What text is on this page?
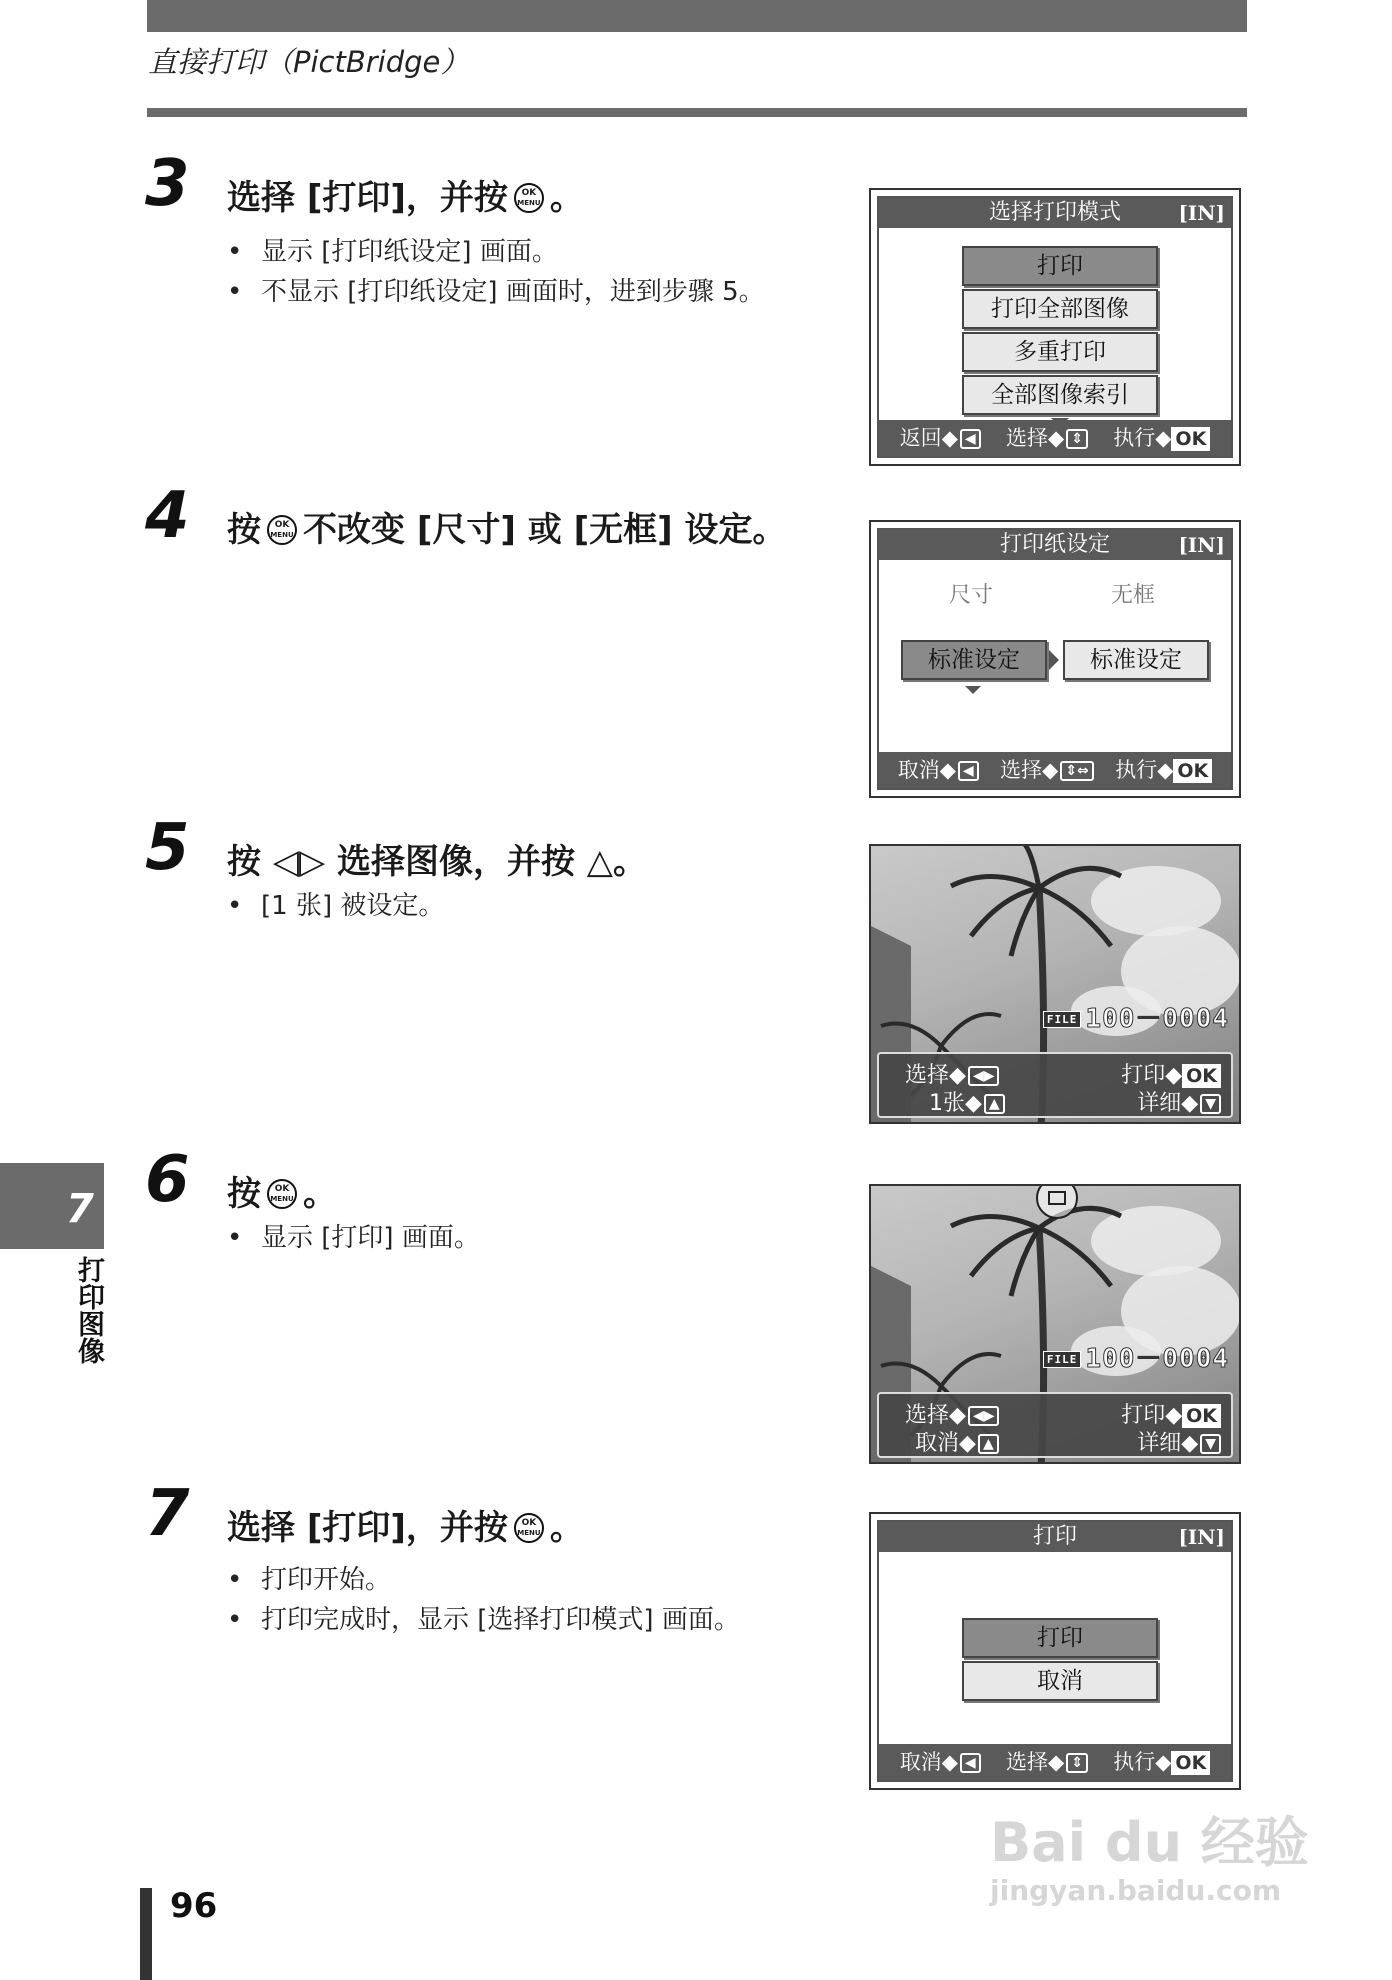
直接打印（PictBridge）
3 选择 [打印]，并按 OK MENU 。
• 显示 [打印纸设定] 画面。
• 不显示 [打印纸设定] 画面时，进到步骤 5。
选择打印模式	[IN]
打印
打印全部图像
多重打印
全部图像索引
返回◆ ◀ 选择◆ ⇕ 执行◆ OK
4 按 OK MENU 不改变 [尺寸] 或 [无框] 设定。	打印纸设定	[IN]
尺寸	无框
标准设定	标准设定
取消◆ ◀ 选择◆ ⇕⇔ 执行◆ OK
5 按 ◁▷ 选择图像，并按 △。
• [1 张] 被设定。
FILE 100－0004
选择◆ ◀▶	打印◆ OK
1张◆ ▲	详细◆ ▼
6 按 OK MENU 。
• 显示 [打印] 画面。
FILE 100－0004
选择◆ ◀▶	打印◆ OK
取消◆ ▲	详细◆ ▼
7 选择 [打印]，并按 OK MENU 。
• 打印开始。
• 打印完成时，显示 [选择打印模式] 画面。
打印	[IN]
打印
取消
取消◆ ◀ 选择◆ ⇕ 执行◆ OK
7
打印图像
96
Bai du 经验
jingyan.baidu.com
